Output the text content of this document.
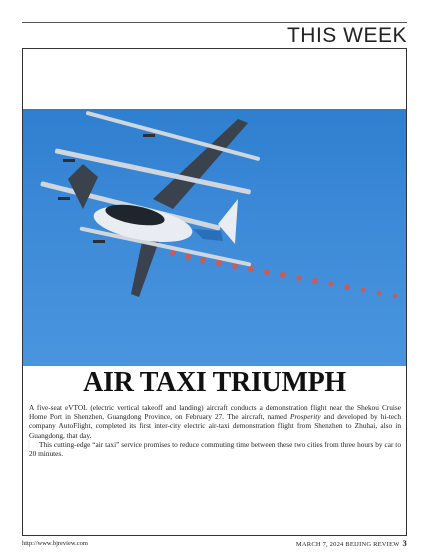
THIS WEEK
XINHUA
AIR TAXI TRIUMPH

A five-seat eVTOL (electric vertical takeoff and landing) aircraft conducts a demonstration flight near the Shekou Cruise Home Port in Shenzhen, Guangdong Province, on February 27. The aircraft, named Prosperity and developed by hi-tech company AutoFlight, completed its first inter-city electric air-taxi demonstration flight from Shenzhen to Zhuhai, also in Guangdong, that day.

This cutting-edge “air taxi” service promises to reduce commuting time between these two cities from three hours by car to 20 minutes.

http://www.bjreview.com	MARCH 7, 2024 BEIJING REVIEW 3
